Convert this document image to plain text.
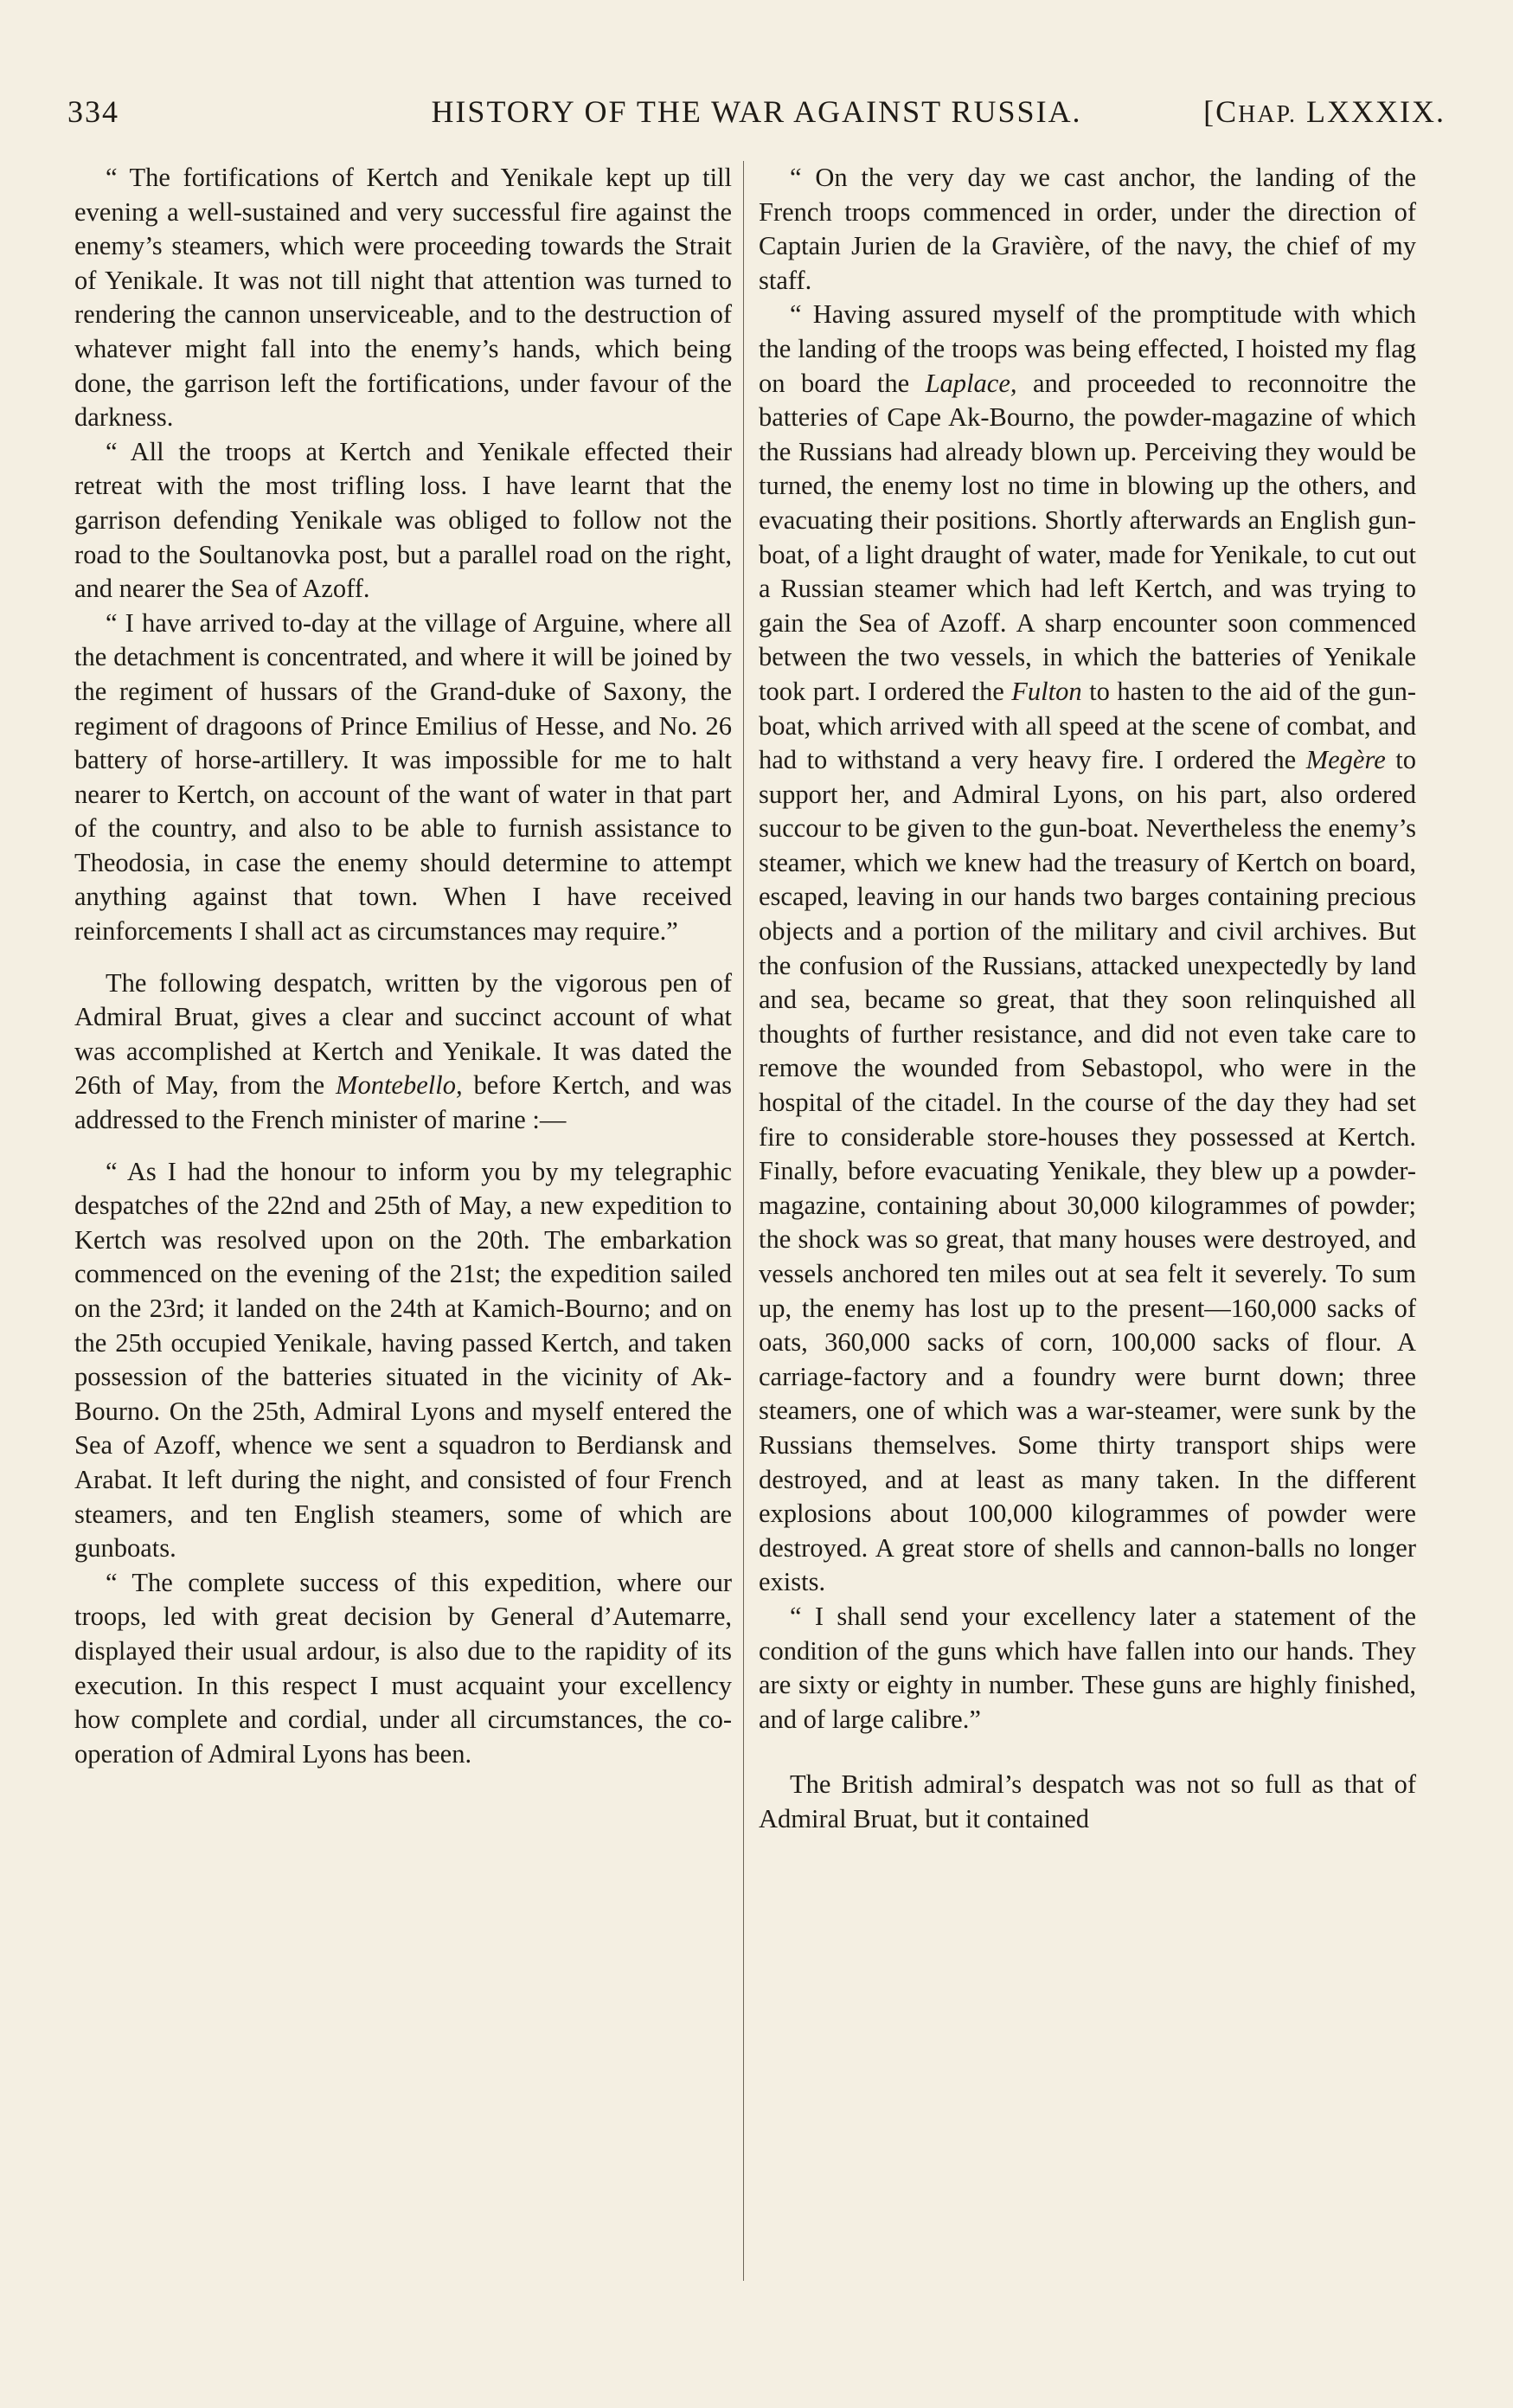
334	HISTORY OF THE WAR AGAINST RUSSIA.	[CHAP. LXXXIX.

“ The fortifications of Kertch and Yenikale kept up till evening a well-sustained and very successful fire against the enemy’s steamers, which were proceeding towards the Strait of Yenikale. It was not till night that attention was turned to rendering the cannon unserviceable, and to the destruction of whatever might fall into the enemy’s hands, which being done, the garrison left the fortifications, under favour of the darkness.

“ All the troops at Kertch and Yenikale effected their retreat with the most trifling loss. I have learnt that the garrison defending Yenikale was obliged to follow not the road to the Soultanovka post, but a parallel road on the right, and nearer the Sea of Azoff.

“ I have arrived to-day at the village of Arguine, where all the detachment is concentrated, and where it will be joined by the regiment of hussars of the Grand-duke of Saxony, the regiment of dragoons of Prince Emilius of Hesse, and No. 26 battery of horse-artillery. It was impossible for me to halt nearer to Kertch, on account of the want of water in that part of the country, and also to be able to furnish assistance to Theodosia, in case the enemy should determine to attempt anything against that town. When I have received reinforcements I shall act as circumstances may require.”

The following despatch, written by the vigorous pen of Admiral Bruat, gives a clear and succinct account of what was accomplished at Kertch and Yenikale. It was dated the 26th of May, from the Montebello, before Kertch, and was addressed to the French minister of marine :—

“ As I had the honour to inform you by my telegraphic despatches of the 22nd and 25th of May, a new expedition to Kertch was resolved upon on the 20th. The embarkation commenced on the evening of the 21st; the expedition sailed on the 23rd; it landed on the 24th at Kamich-Bourno; and on the 25th occupied Yenikale, having passed Kertch, and taken possession of the batteries situated in the vicinity of Ak-Bourno. On the 25th, Admiral Lyons and myself entered the Sea of Azoff, whence we sent a squadron to Berdiansk and Arabat. It left during the night, and consisted of four French steamers, and ten English steamers, some of which are gunboats.

“ The complete success of this expedition, where our troops, led with great decision by General d’Autemarre, displayed their usual ardour, is also due to the rapidity of its execution. In this respect I must acquaint your excellency how complete and cordial, under all circumstances, the co-operation of Admiral Lyons has been.

“ On the very day we cast anchor, the landing of the French troops commenced in order, under the direction of Captain Jurien de la Gravière, of the navy, the chief of my staff.

“ Having assured myself of the promptitude with which the landing of the troops was being effected, I hoisted my flag on board the Laplace, and proceeded to reconnoitre the batteries of Cape Ak-Bourno, the powder-magazine of which the Russians had already blown up. Perceiving they would be turned, the enemy lost no time in blowing up the others, and evacuating their positions. Shortly afterwards an English gun-boat, of a light draught of water, made for Yenikale, to cut out a Russian steamer which had left Kertch, and was trying to gain the Sea of Azoff. A sharp encounter soon commenced between the two vessels, in which the batteries of Yenikale took part. I ordered the Fulton to hasten to the aid of the gun-boat, which arrived with all speed at the scene of combat, and had to withstand a very heavy fire. I ordered the Megère to support her, and Admiral Lyons, on his part, also ordered succour to be given to the gun-boat. Nevertheless the enemy’s steamer, which we knew had the treasury of Kertch on board, escaped, leaving in our hands two barges containing precious objects and a portion of the military and civil archives. But the confusion of the Russians, attacked unexpectedly by land and sea, became so great, that they soon relinquished all thoughts of further resistance, and did not even take care to remove the wounded from Sebastopol, who were in the hospital of the citadel. In the course of the day they had set fire to considerable store-houses they possessed at Kertch. Finally, before evacuating Yenikale, they blew up a powder-magazine, containing about 30,000 kilogrammes of powder; the shock was so great, that many houses were destroyed, and vessels anchored ten miles out at sea felt it severely. To sum up, the enemy has lost up to the present—160,000 sacks of oats, 360,000 sacks of corn, 100,000 sacks of flour. A carriage-factory and a foundry were burnt down; three steamers, one of which was a war-steamer, were sunk by the Russians themselves. Some thirty transport ships were destroyed, and at least as many taken. In the different explosions about 100,000 kilogrammes of powder were destroyed. A great store of shells and cannon-balls no longer exists.

“ I shall send your excellency later a statement of the condition of the guns which have fallen into our hands. They are sixty or eighty in number. These guns are highly finished, and of large calibre.”

The British admiral’s despatch was not so full as that of Admiral Bruat, but it contained
